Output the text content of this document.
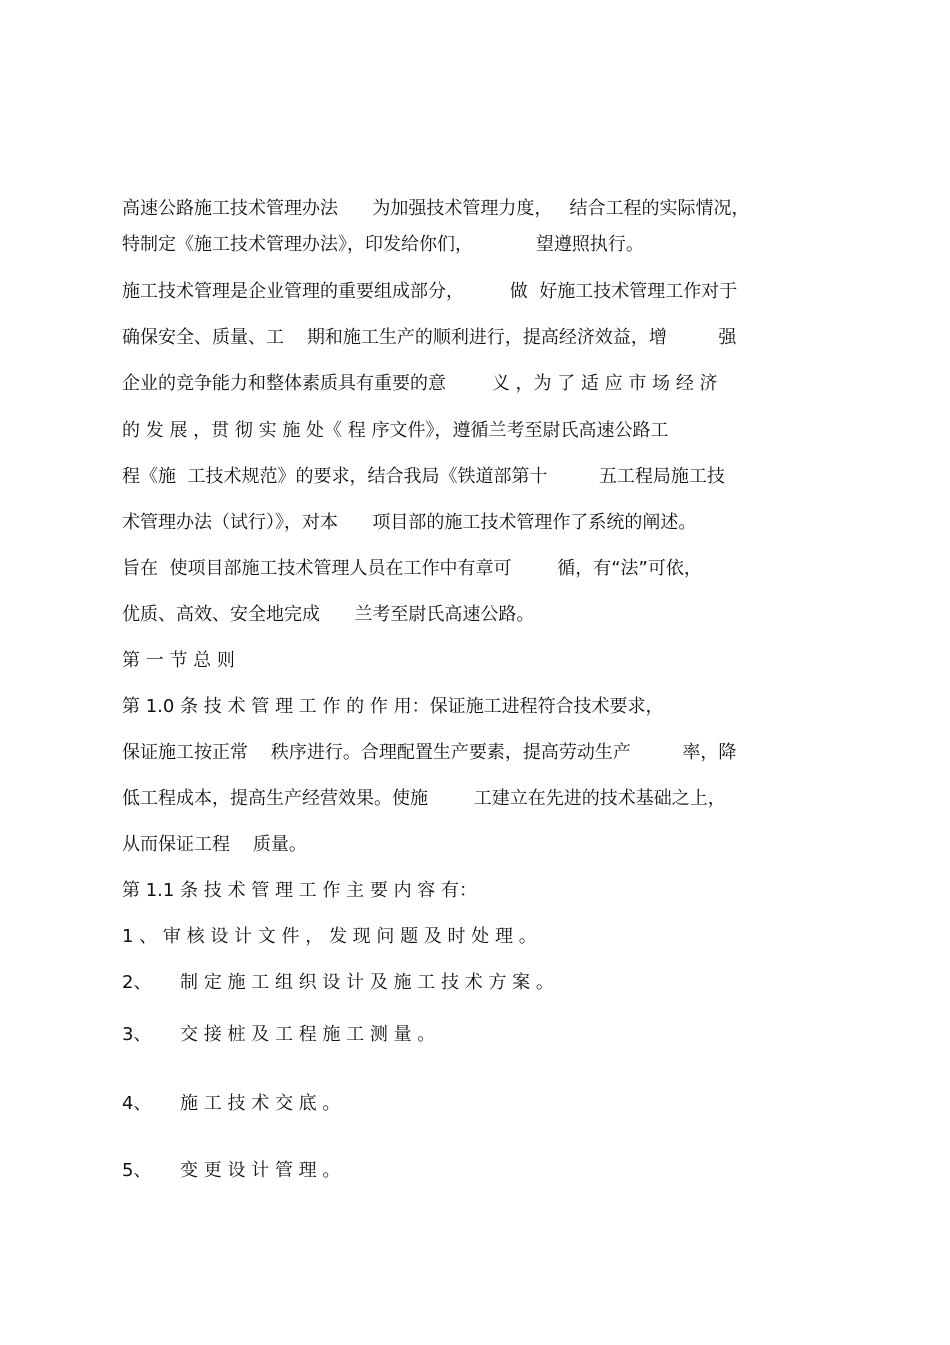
高速公路施工技术管理办法      为加强技术管理力度，   结合工程的实际情况，

特制定《施工技术管理办法》，印发给你们，           望遵照执行。

施工技术管理是企业管理的重要组成部分，        做  好施工技术管理工作对于

确保安全、质量、工    期和施工生产的顺利进行，提高经济效益，增         强

企业的竞争能力和整体素质具有重要的意        义 ，为 了 适 应 市 场 经 济

的 发 展 ，贯 彻 实 施 处《 程 序文件》，遵循兰考至尉氏高速公路工

程《施  工技术规范》的要求，结合我局《铁道部第十         五工程局施工技

术管理办法（试行）》，对本      项目部的施工技术管理作了系统的阐述。

旨在  使项目部施工技术管理人员在工作中有章可        循，有“法”可依，

优质、高效、安全地完成      兰考至尉氏高速公路。

第 一 节 总 则

第 1.0 条 技 术 管 理 工 作 的 作 用：保证施工进程符合技术要求，

保证施工按正常    秩序进行。合理配置生产要素，提高劳动生产         率，降

低工程成本，提高生产经营效果。使施        工建立在先进的技术基础之上，

从而保证工程    质量。

第 1.1 条 技 术 管 理 工 作 主 要 内 容 有：

1 、 审 核 设 计 文 件 ， 发 现 问 题 及 时 处 理 。

2、     制 定 施 工 组 织 设 计 及 施 工 技 术 方 案 。

3、     交 接 桩 及 工 程 施 工 测 量 。

4、     施 工 技 术 交 底 。

5、     变 更 设 计 管 理 。
